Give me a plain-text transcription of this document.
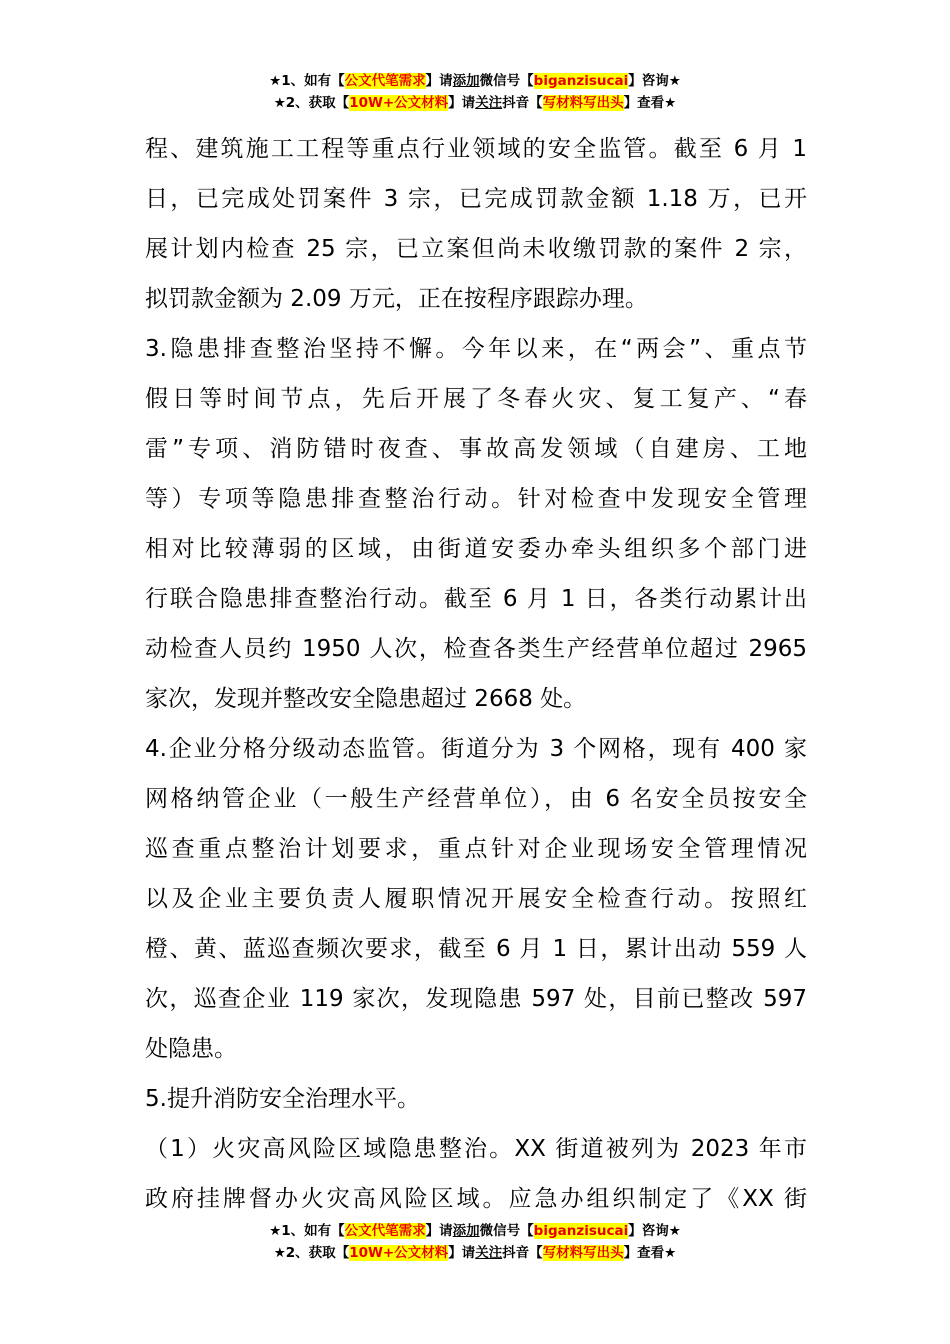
★1、如有【公文代笔需求】请添加微信号【biganzisucai】咨询★
★2、获取【10W+公文材料】请关注抖音【写材料写出头】查看★
程、建筑施工工程等重点行业领域的安全监管。截至 6 月 1
日，已完成处罚案件 3 宗，已完成罚款金额 1.18 万，已开
展计划内检查 25 宗，已立案但尚未收缴罚款的案件 2 宗，
拟罚款金额为 2.09 万元，正在按程序跟踪办理。
3.隐患排查整治坚持不懈。今年以来，在“两会”、重点节
假日等时间节点，先后开展了冬春火灾、复工复产、“春
雷”专项、消防错时夜查、事故高发领域（自建房、工地
等）专项等隐患排查整治行动。针对检查中发现安全管理
相对比较薄弱的区域，由街道安委办牵头组织多个部门进
行联合隐患排查整治行动。截至 6 月 1 日，各类行动累计出
动检查人员约 1950 人次，检查各类生产经营单位超过 2965
家次，发现并整改安全隐患超过 2668 处。
4.企业分格分级动态监管。街道分为 3 个网格，现有 400 家
网格纳管企业（一般生产经营单位），由 6 名安全员按安全
巡查重点整治计划要求，重点针对企业现场安全管理情况
以及企业主要负责人履职情况开展安全检查行动。按照红
橙、黄、蓝巡查频次要求，截至 6 月 1 日，累计出动 559 人
次，巡查企业 119 家次，发现隐患 597 处，目前已整改 597
处隐患。
5.提升消防安全治理水平。
（1）火灾高风险区域隐患整治。XX 街道被列为 2023 年市
政府挂牌督办火灾高风险区域。应急办组织制定了《XX 街
★1、如有【公文代笔需求】请添加微信号【biganzisucai】咨询★
★2、获取【10W+公文材料】请关注抖音【写材料写出头】查看★
